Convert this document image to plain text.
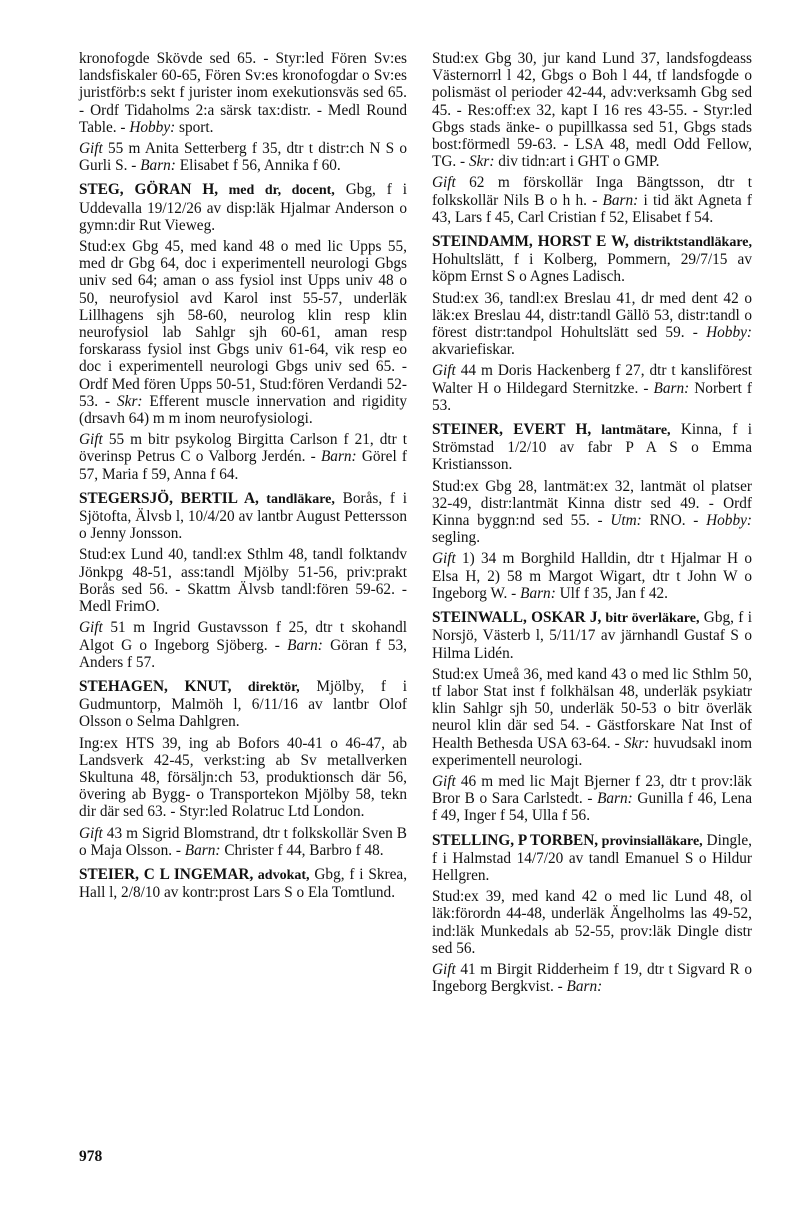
kronofogde Skövde sed 65. - Styr:led Fören Sv:es landsfiskaler 60-65, Fören Sv:es kronofogdar o Sv:es juristförb:s sekt f jurister inom exekutionsväs sed 65. - Ordf Tidaholms 2:a särsk tax:distr. - Medl Round Table. - Hobby: sport.

Gift 55 m Anita Setterberg f 35, dtr t distr:ch N S o Gurli S. - Barn: Elisabet f 56, Annika f 60.

STEG, GÖRAN H, med dr, docent, Gbg, f i Uddevalla 19/12/26 av disp:läk Hjalmar Anderson o gymn:dir Rut Vieweg.

Stud:ex Gbg 45, med kand 48 o med lic Upps 55, med dr Gbg 64, doc i experimentell neurologi Gbgs univ sed 64; aman o ass fysiol inst Upps univ 48 o 50, neurofysiol avd Karol inst 55-57, underläk Lillhagens sjh 58-60, neurolog klin resp klin neurofysiol lab Sahlgr sjh 60-61, aman resp forskarass fysiol inst Gbgs univ 61-64, vik resp eo doc i experimentell neurologi Gbgs univ sed 65. - Ordf Med fören Upps 50-51, Stud:fören Verdandi 52-53. - Skr: Efferent muscle innervation and rigidity (drsavh 64) m m inom neurofysiologi.

Gift 55 m bitr psykolog Birgitta Carlson f 21, dtr t överinsp Petrus C o Valborg Jerdén. - Barn: Görel f 57, Maria f 59, Anna f 64.

STEGERSJÖ, BERTIL A, tandläkare, Borås, f i Sjötofta, Älvsb l, 10/4/20 av lantbr August Pettersson o Jenny Jonsson.

Stud:ex Lund 40, tandl:ex Sthlm 48, tandl folktandv Jönkpg 48-51, ass:tandl Mjölby 51-56, priv:prakt Borås sed 56. - Skattm Älvsb tandl:fören 59-62. - Medl FrimO.

Gift 51 m Ingrid Gustavsson f 25, dtr t skohandl Algot G o Ingeborg Sjöberg. - Barn: Göran f 53, Anders f 57.

STEHAGEN, KNUT, direktör, Mjölby, f i Gudmuntorp, Malmöh l, 6/11/16 av lantbr Olof Olsson o Selma Dahlgren.

Ing:ex HTS 39, ing ab Bofors 40-41 o 46-47, ab Landsverk 42-45, verkst:ing ab Sv metallverken Skultuna 48, försäljn:ch 53, produktionsch där 56, övering ab Bygg- o Transportekon Mjölby 58, tekn dir där sed 63. - Styr:led Rolatruc Ltd London.

Gift 43 m Sigrid Blomstrand, dtr t folkskollär Sven B o Maja Olsson. - Barn: Christer f 44, Barbro f 48.

STEIER, C L INGEMAR, advokat, Gbg, f i Skrea, Hall l, 2/8/10 av kontr:prost Lars S o Ela Tomtlund.

Stud:ex Gbg 30, jur kand Lund 37, landsfogdeass Västernorrl l 42, Gbgs o Boh l 44, tf landsfogde o polismäst ol perioder 42-44, adv:verksamh Gbg sed 45. - Res:off:ex 32, kapt I 16 res 43-55. - Styr:led Gbgs stads änke- o pupillkassa sed 51, Gbgs stads bost:förmedl 59-63. - LSA 48, medl Odd Fellow, TG. - Skr: div tidn:art i GHT o GMP.

Gift 62 m förskollär Inga Bängtsson, dtr t folkskollär Nils B o h h. - Barn: i tid äkt Agneta f 43, Lars f 45, Carl Cristian f 52, Elisabet f 54.

STEINDAMM, HORST E W, distriktstandläkare, Hohultslätt, f i Kolberg, Pommern, 29/7/15 av köpm Ernst S o Agnes Ladisch.

Stud:ex 36, tandl:ex Breslau 41, dr med dent 42 o läk:ex Breslau 44, distr:tandl Gällö 53, distr:tandl o förest distr:tandpol Hohultslätt sed 59. - Hobby: akvariefiskar.

Gift 44 m Doris Hackenberg f 27, dtr t kansliförest Walter H o Hildegard Sternitzke. - Barn: Norbert f 53.

STEINER, EVERT H, lantmätare, Kinna, f i Strömstad 1/2/10 av fabr P A S o Emma Kristiansson.

Stud:ex Gbg 28, lantmät:ex 32, lantmät ol platser 32-49, distr:lantmät Kinna distr sed 49. - Ordf Kinna byggn:nd sed 55. - Utm: RNO. - Hobby: segling.

Gift 1) 34 m Borghild Halldin, dtr t Hjalmar H o Elsa H, 2) 58 m Margot Wigart, dtr t John W o Ingeborg W. - Barn: Ulf f 35, Jan f 42.

STEINWALL, OSKAR J, bitr överläkare, Gbg, f i Norsjö, Västerb l, 5/11/17 av järnhandl Gustaf S o Hilma Lidén.

Stud:ex Umeå 36, med kand 43 o med lic Sthlm 50, tf labor Stat inst f folkhälsan 48, underläk psykiatr klin Sahlgr sjh 50, underläk 50-53 o bitr överläk neurol klin där sed 54. - Gästforskare Nat Inst of Health Bethesda USA 63-64. - Skr: huvudsakl inom experimentell neurologi.

Gift 46 m med lic Majt Bjerner f 23, dtr t prov:läk Bror B o Sara Carlstedt. - Barn: Gunilla f 46, Lena f 49, Inger f 54, Ulla f 56.

STELLING, P TORBEN, provinsialläkare, Dingle, f i Halmstad 14/7/20 av tandl Emanuel S o Hildur Hellgren.

Stud:ex 39, med kand 42 o med lic Lund 48, ol läk:förordn 44-48, underläk Ängelholms las 49-52, ind:läk Munkedals ab 52-55, prov:läk Dingle distr sed 56.

Gift 41 m Birgit Ridderheim f 19, dtr t Sigvard R o Ingeborg Bergkvist. - Barn:

978
